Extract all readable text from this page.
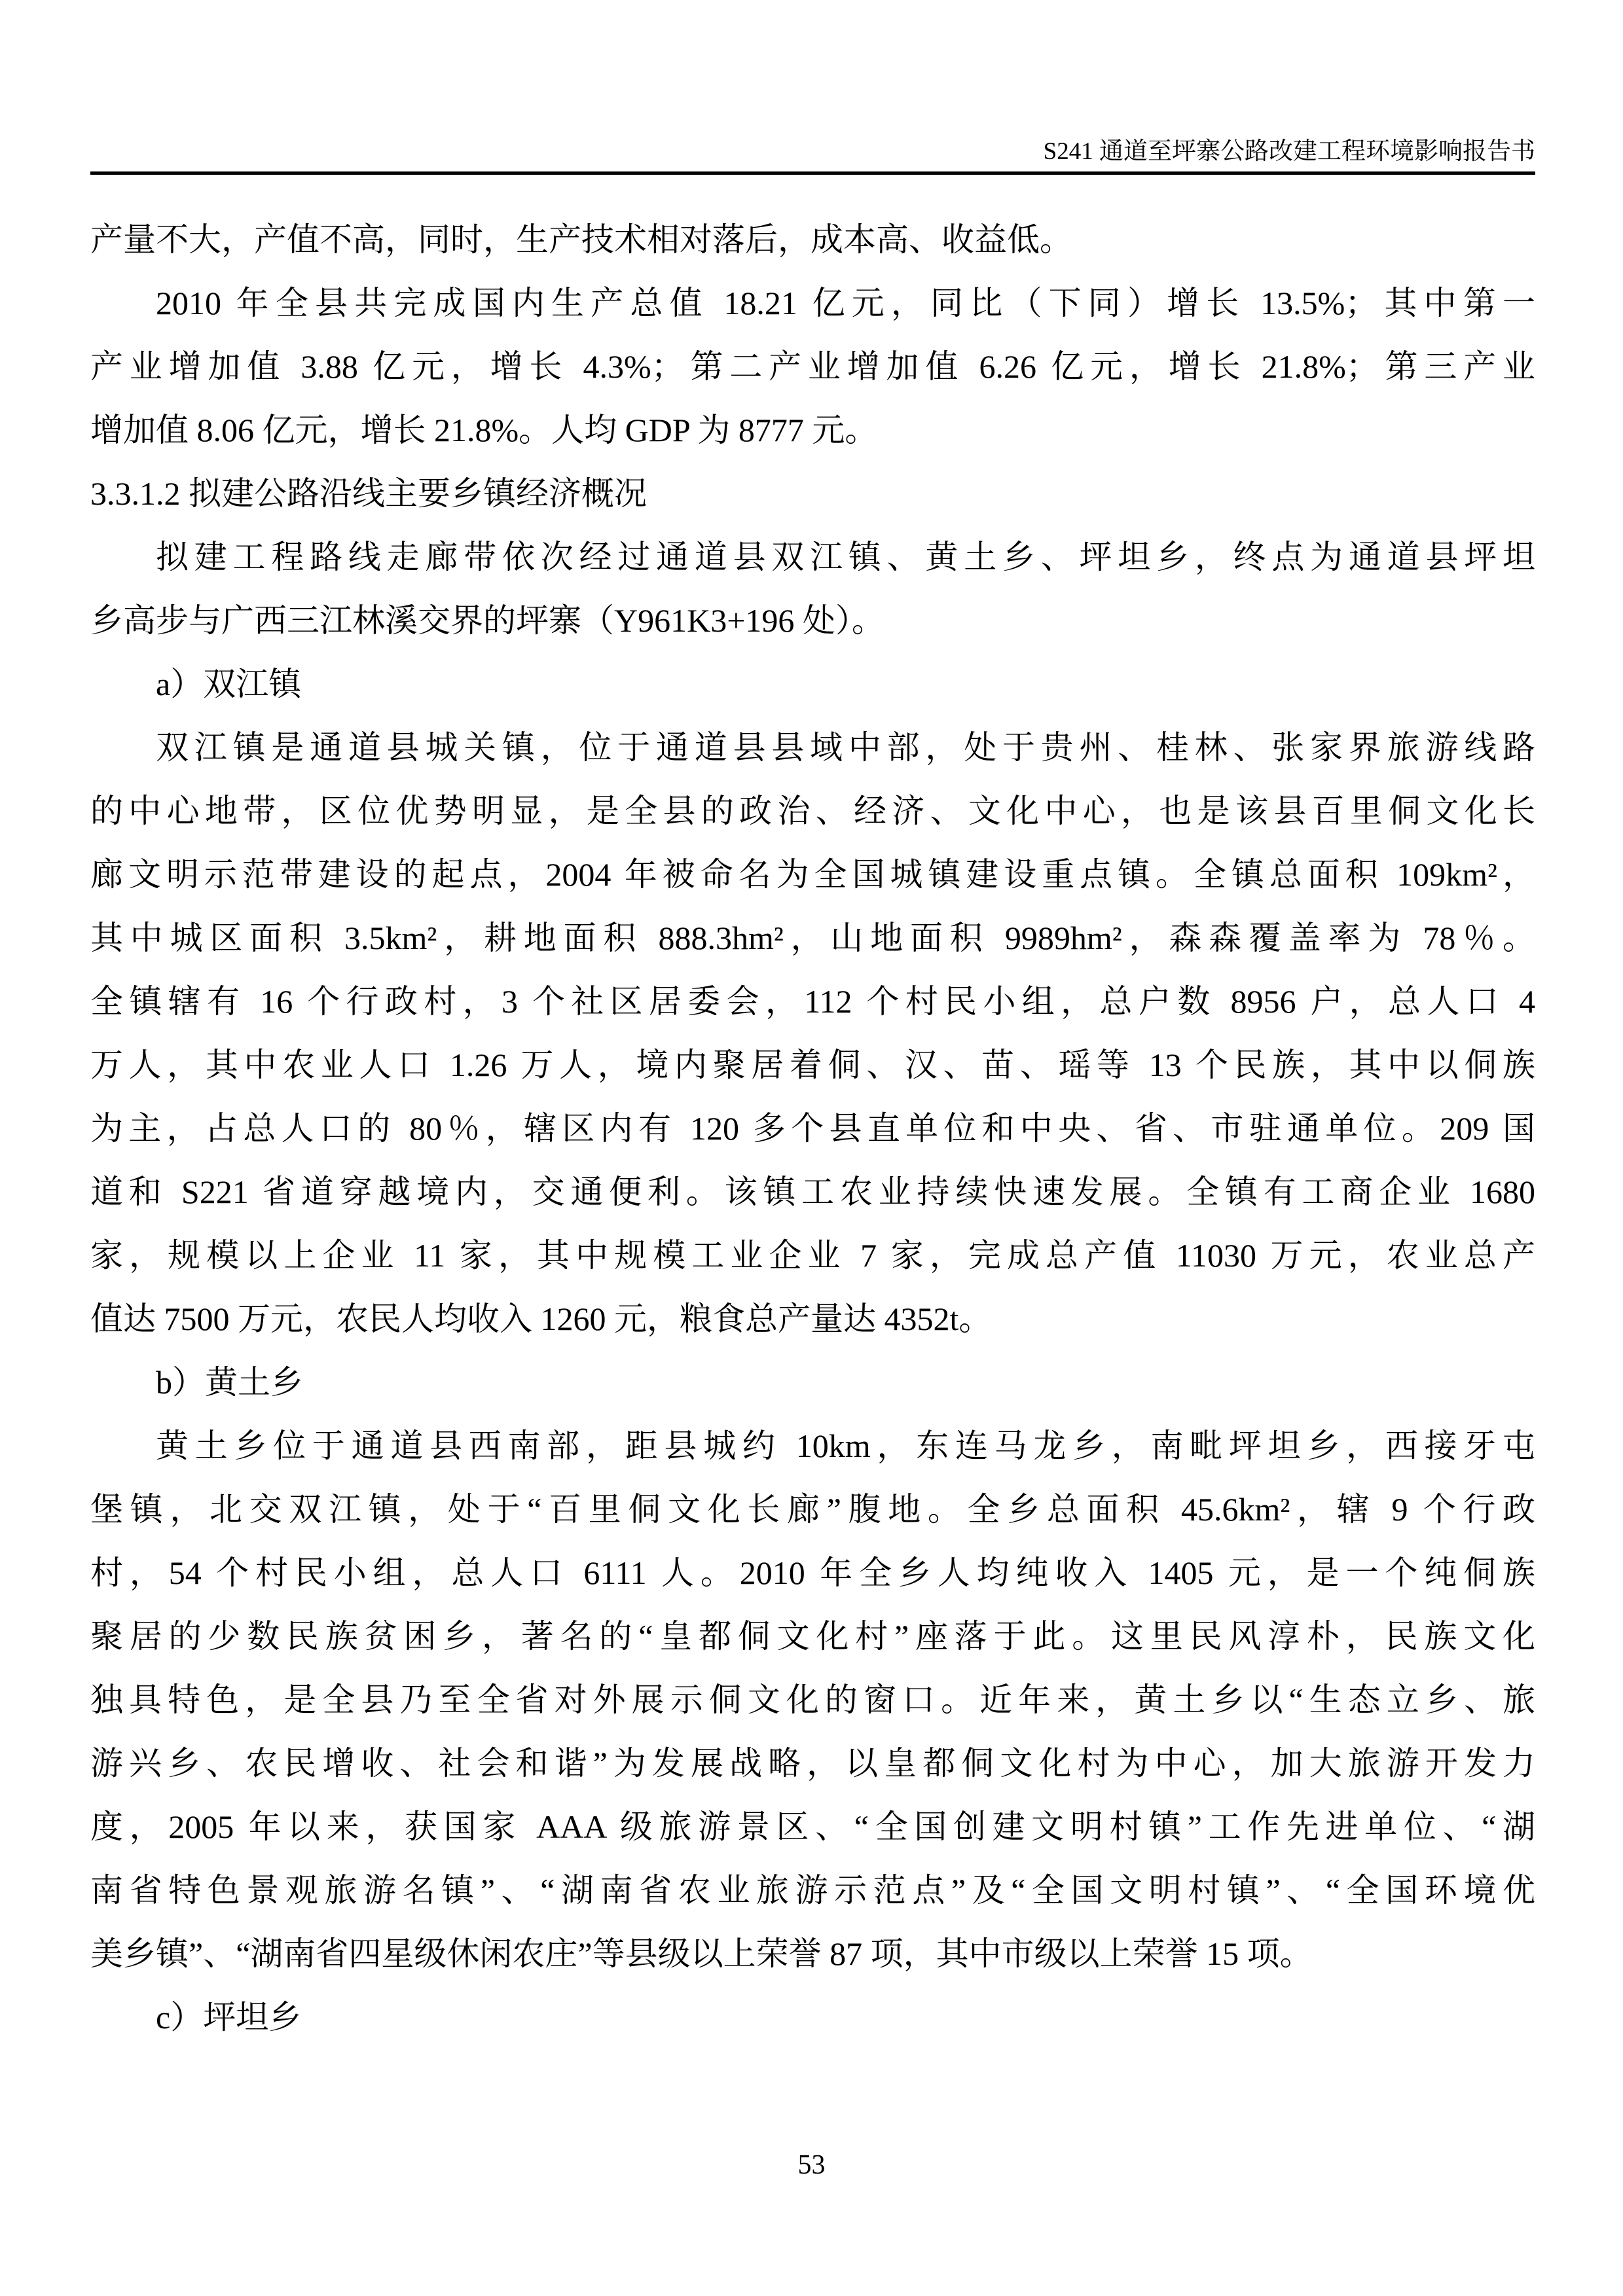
S241 通道至坪寨公路改建工程环境影响报告书
产量不大，产值不高，同时，生产技术相对落后，成本高、收益低。
2010 年全县共完成国内生产总值 18.21 亿元，同比（下同）增长 13.5%；其中第一
产业增加值 3.88 亿元，增长 4.3%；第二产业增加值 6.26 亿元，增长 21.8%；第三产业
增加值 8.06 亿元，增长 21.8%。人均 GDP 为 8777 元。
3.3.1.2 拟建公路沿线主要乡镇经济概况
拟建工程路线走廊带依次经过通道县双江镇、黄土乡、坪坦乡，终点为通道县坪坦
乡高步与广西三江林溪交界的坪寨（Y961K3+196 处）。
a）双江镇
双江镇是通道县城关镇，位于通道县县域中部，处于贵州、桂林、张家界旅游线路
的中心地带，区位优势明显，是全县的政治、经济、文化中心，也是该县百里侗文化长
廊文明示范带建设的起点，2004 年被命名为全国城镇建设重点镇。全镇总面积 109km²，
其中城区面积 3.5km²，耕地面积 888.3hm²，山地面积 9989hm²，森森覆盖率为 78％。
全镇辖有 16 个行政村，3 个社区居委会，112 个村民小组，总户数 8956 户，总人口 4
万人，其中农业人口 1.26 万人，境内聚居着侗、汉、苗、瑶等 13 个民族，其中以侗族
为主，占总人口的 80％，辖区内有 120 多个县直单位和中央、省、市驻通单位。209 国
道和 S221 省道穿越境内，交通便利。该镇工农业持续快速发展。全镇有工商企业 1680
家，规模以上企业 11 家，其中规模工业企业 7 家，完成总产值 11030 万元，农业总产
值达 7500 万元，农民人均收入 1260 元，粮食总产量达 4352t。
b）黄土乡
黄土乡位于通道县西南部，距县城约 10km，东连马龙乡，南毗坪坦乡，西接牙屯
堡镇，北交双江镇，处于“百里侗文化长廊”腹地。全乡总面积 45.6km²，辖 9 个行政
村，54 个村民小组，总人口 6111 人。2010 年全乡人均纯收入 1405 元，是一个纯侗族
聚居的少数民族贫困乡，著名的“皇都侗文化村”座落于此。这里民风淳朴，民族文化
独具特色，是全县乃至全省对外展示侗文化的窗口。近年来，黄土乡以“生态立乡、旅
游兴乡、农民增收、社会和谐”为发展战略，以皇都侗文化村为中心，加大旅游开发力
度，2005 年以来，获国家 AAA 级旅游景区、“全国创建文明村镇”工作先进单位、“湖
南省特色景观旅游名镇”、“湖南省农业旅游示范点”及“全国文明村镇”、“全国环境优
美乡镇”、“湖南省四星级休闲农庄”等县级以上荣誉 87 项，其中市级以上荣誉 15 项。
c）坪坦乡
53
